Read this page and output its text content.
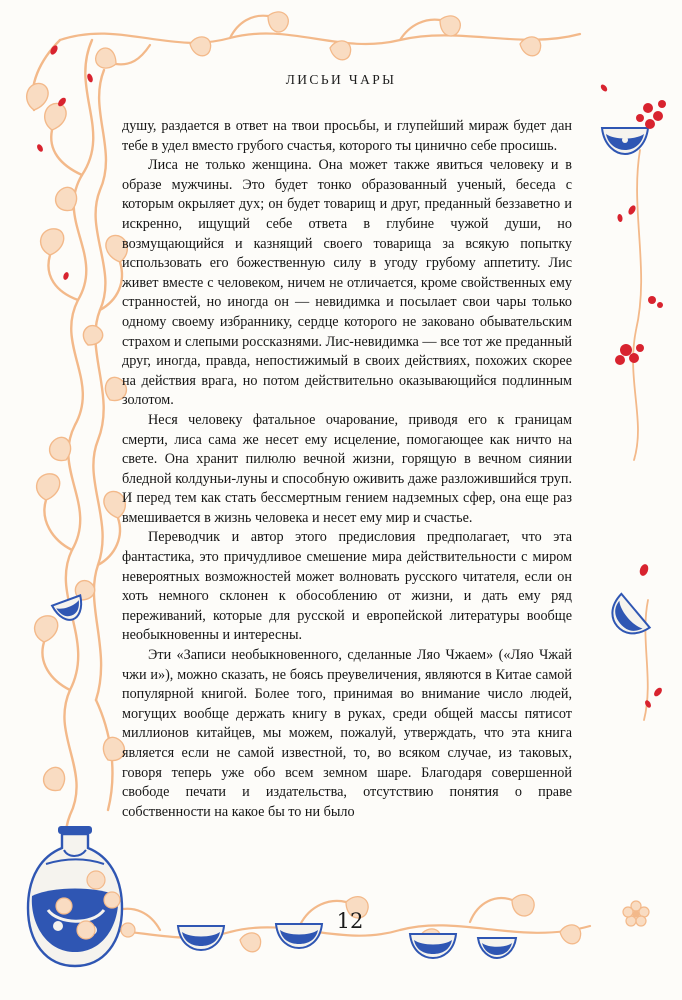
ЛИСЬИ ЧАРЫ

душу, раздается в ответ на твои просьбы, и глупейший мираж будет дан тебе в удел вместо грубого счастья, которого ты цинично себе просишь.

Лиса не только женщина. Она может также явиться человеку и в образе мужчины. Это будет тонко образованный ученый, беседа с которым окрыляет дух; он будет товарищ и друг, преданный беззаветно и искренно, ищущий себе ответа в глубине чужой души, но возмущающийся и казнящий своего товарища за всякую попытку использовать его божественную силу в угоду грубому аппетиту. Лис живет вместе с человеком, ничем не отличается, кроме свойственных ему странностей, но иногда он — невидимка и посылает свои чары только одному своему избраннику, сердце которого не заковано обывательским страхом и слепыми россказнями. Лис-невидимка — все тот же преданный друг, иногда, правда, непостижимый в своих действиях, похожих скорее на действия врага, но потом действительно оказывающийся подлинным золотом.

Неся человеку фатальное очарование, приводя его к границам смерти, лиса сама же несет ему исцеление, помогающее как ничто на свете. Она хранит пилюлю вечной жизни, горящую в вечном сиянии бледной колдуньи-луны и способную оживить даже разложившийся труп. И перед тем как стать бессмертным гением надземных сфер, она еще раз вмешивается в жизнь человека и несет ему мир и счастье.

Переводчик и автор этого предисловия предполагает, что эта фантастика, это причудливое смешение мира действительности с миром невероятных возможностей может волновать русского читателя, если он хоть немного склонен к обособлению от жизни, и дать ему ряд переживаний, которые для русской и европейской литературы вообще необыкновенны и интересны.

Эти «Записи необыкновенного, сделанные Ляо Чжаем» («Ляо Чжай чжи и»), можно сказать, не боясь преувеличения, являются в Китае самой популярной книгой. Более того, принимая во внимание число людей, могущих вообще держать книгу в руках, среди общей массы пятисот миллионов китайцев, мы можем, пожалуй, утверждать, что эта книга является если не самой известной, то, во всяком случае, из таковых, говоря теперь уже обо всем земном шаре. Благодаря совершенной свободе печати и издательства, отсутствию понятия о праве собственности на какое бы то ни было

12
